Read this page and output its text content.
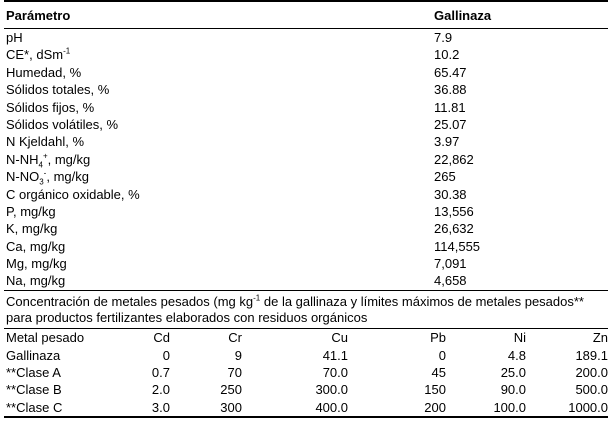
Parámetro	Gallinaza
pH	7.9
CE*, dSm$^{-1}$	10.2
Humedad, %	65.47
Sólidos totales, %	36.88
Sólidos fijos, %	11.81
Sólidos volátiles, %	25.07
N Kjeldahl, %	3.97
$N-NH_4^+$, mg/kg	22,862
$N-NO_3^-$, mg/kg	265
C orgánico oxidable, %	30.38
P, mg/kg	13,556
K, mg/kg	26,632
Ca, mg/kg	114,555
Mg, mg/kg	7,091
Na, mg/kg	4,658
Concentración de metales pesados (mg $kg^{-1}$ de la gallinaza y límites máximos de metales pesados** para productos fertilizantes elaborados con residuos orgánicos
Metal pesado	Cd	Cr	Cu	Pb	Ni	Zn
Gallinaza	0	9	41.1	0	4.8	189.1
**Clase A	0.7	70	70.0	45	25.0	200.0
**Clase B	2.0	250	300.0	150	90.0	500.0
**Clase C	3.0	300	400.0	200	100.0	1000.0
